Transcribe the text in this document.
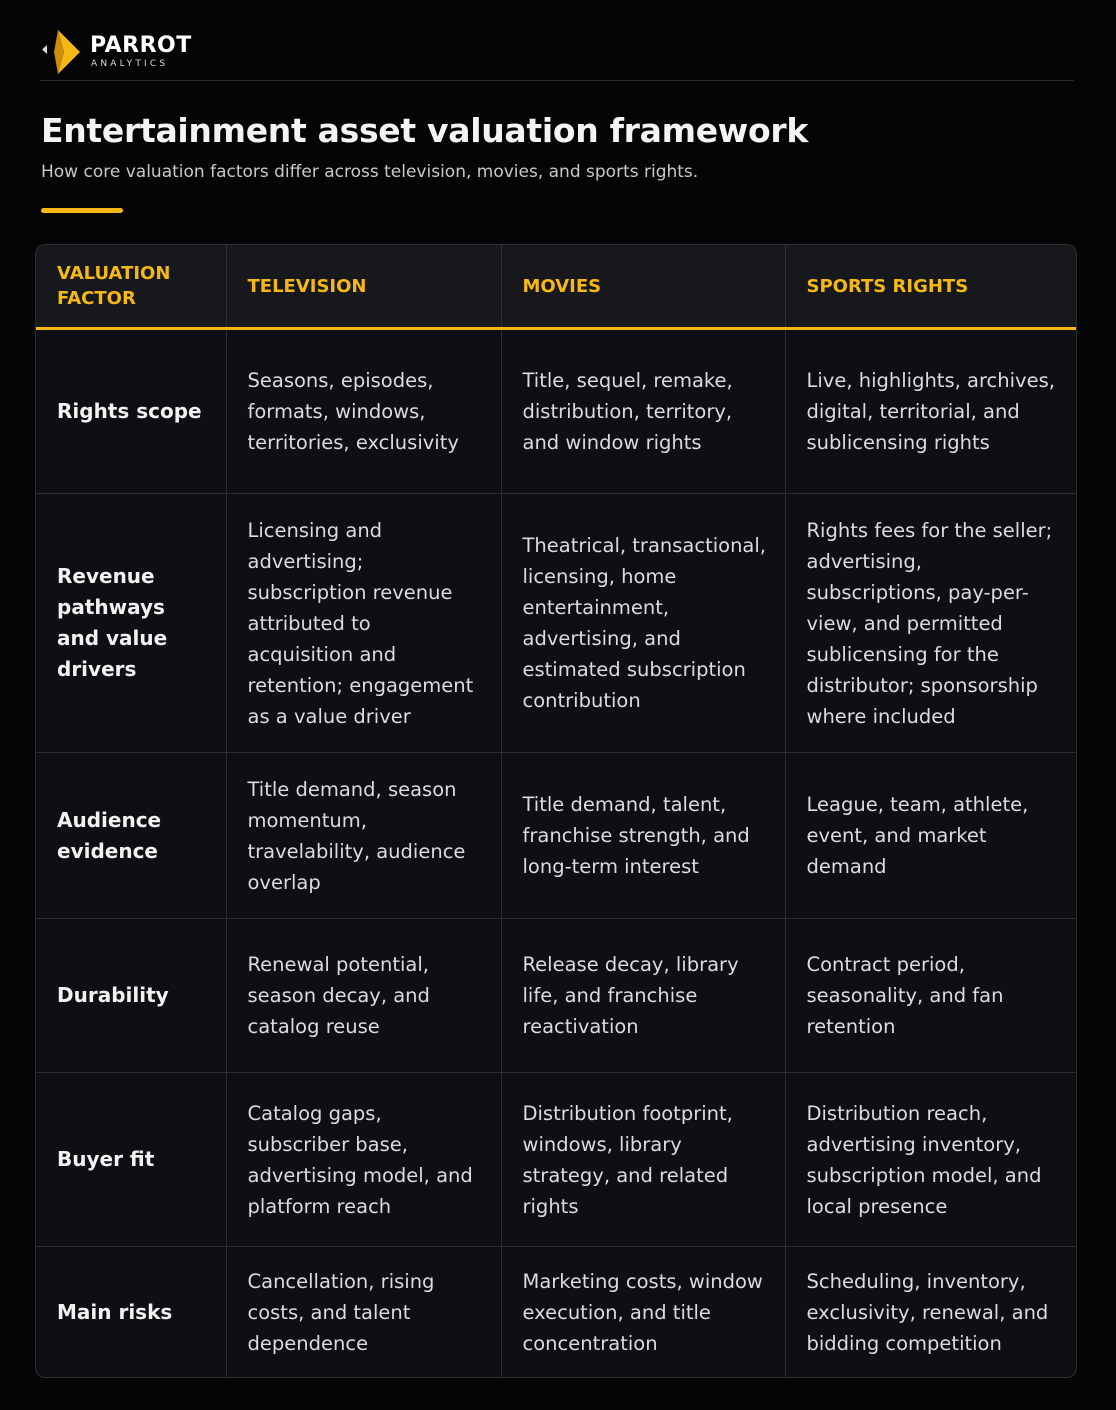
PARROT
ANALYTICS
Entertainment asset valuation framework

How core valuation factors differ across television, movies, and sports rights.

VALUATION FACTOR	TELEVISION	MOVIES	SPORTS RIGHTS
Rights scope	Seasons, episodes, formats, windows, territories, exclusivity	Title, sequel, remake, distribution, territory, and window rights	Live, highlights, archives, digital, territorial, and sublicensing rights
Revenue pathways and value drivers	Licensing and advertising; subscription revenue attributed to acquisition and retention; engagement as a value driver	Theatrical, transactional, licensing, home entertainment, advertising, and estimated subscription contribution	Rights fees for the seller; advertising, subscriptions, pay-per-view, and permitted sublicensing for the distributor; sponsorship where included
Audience evidence	Title demand, season momentum, travelability, audience overlap	Title demand, talent, franchise strength, and long-term interest	League, team, athlete, event, and market demand
Durability	Renewal potential, season decay, and catalog reuse	Release decay, library life, and franchise reactivation	Contract period, seasonality, and fan retention
Buyer fit	Catalog gaps, subscriber base, advertising model, and platform reach	Distribution footprint, windows, library strategy, and related rights	Distribution reach, advertising inventory, subscription model, and local presence
Main risks	Cancellation, rising costs, and talent dependence	Marketing costs, window execution, and title concentration	Scheduling, inventory, exclusivity, renewal, and bidding competition
